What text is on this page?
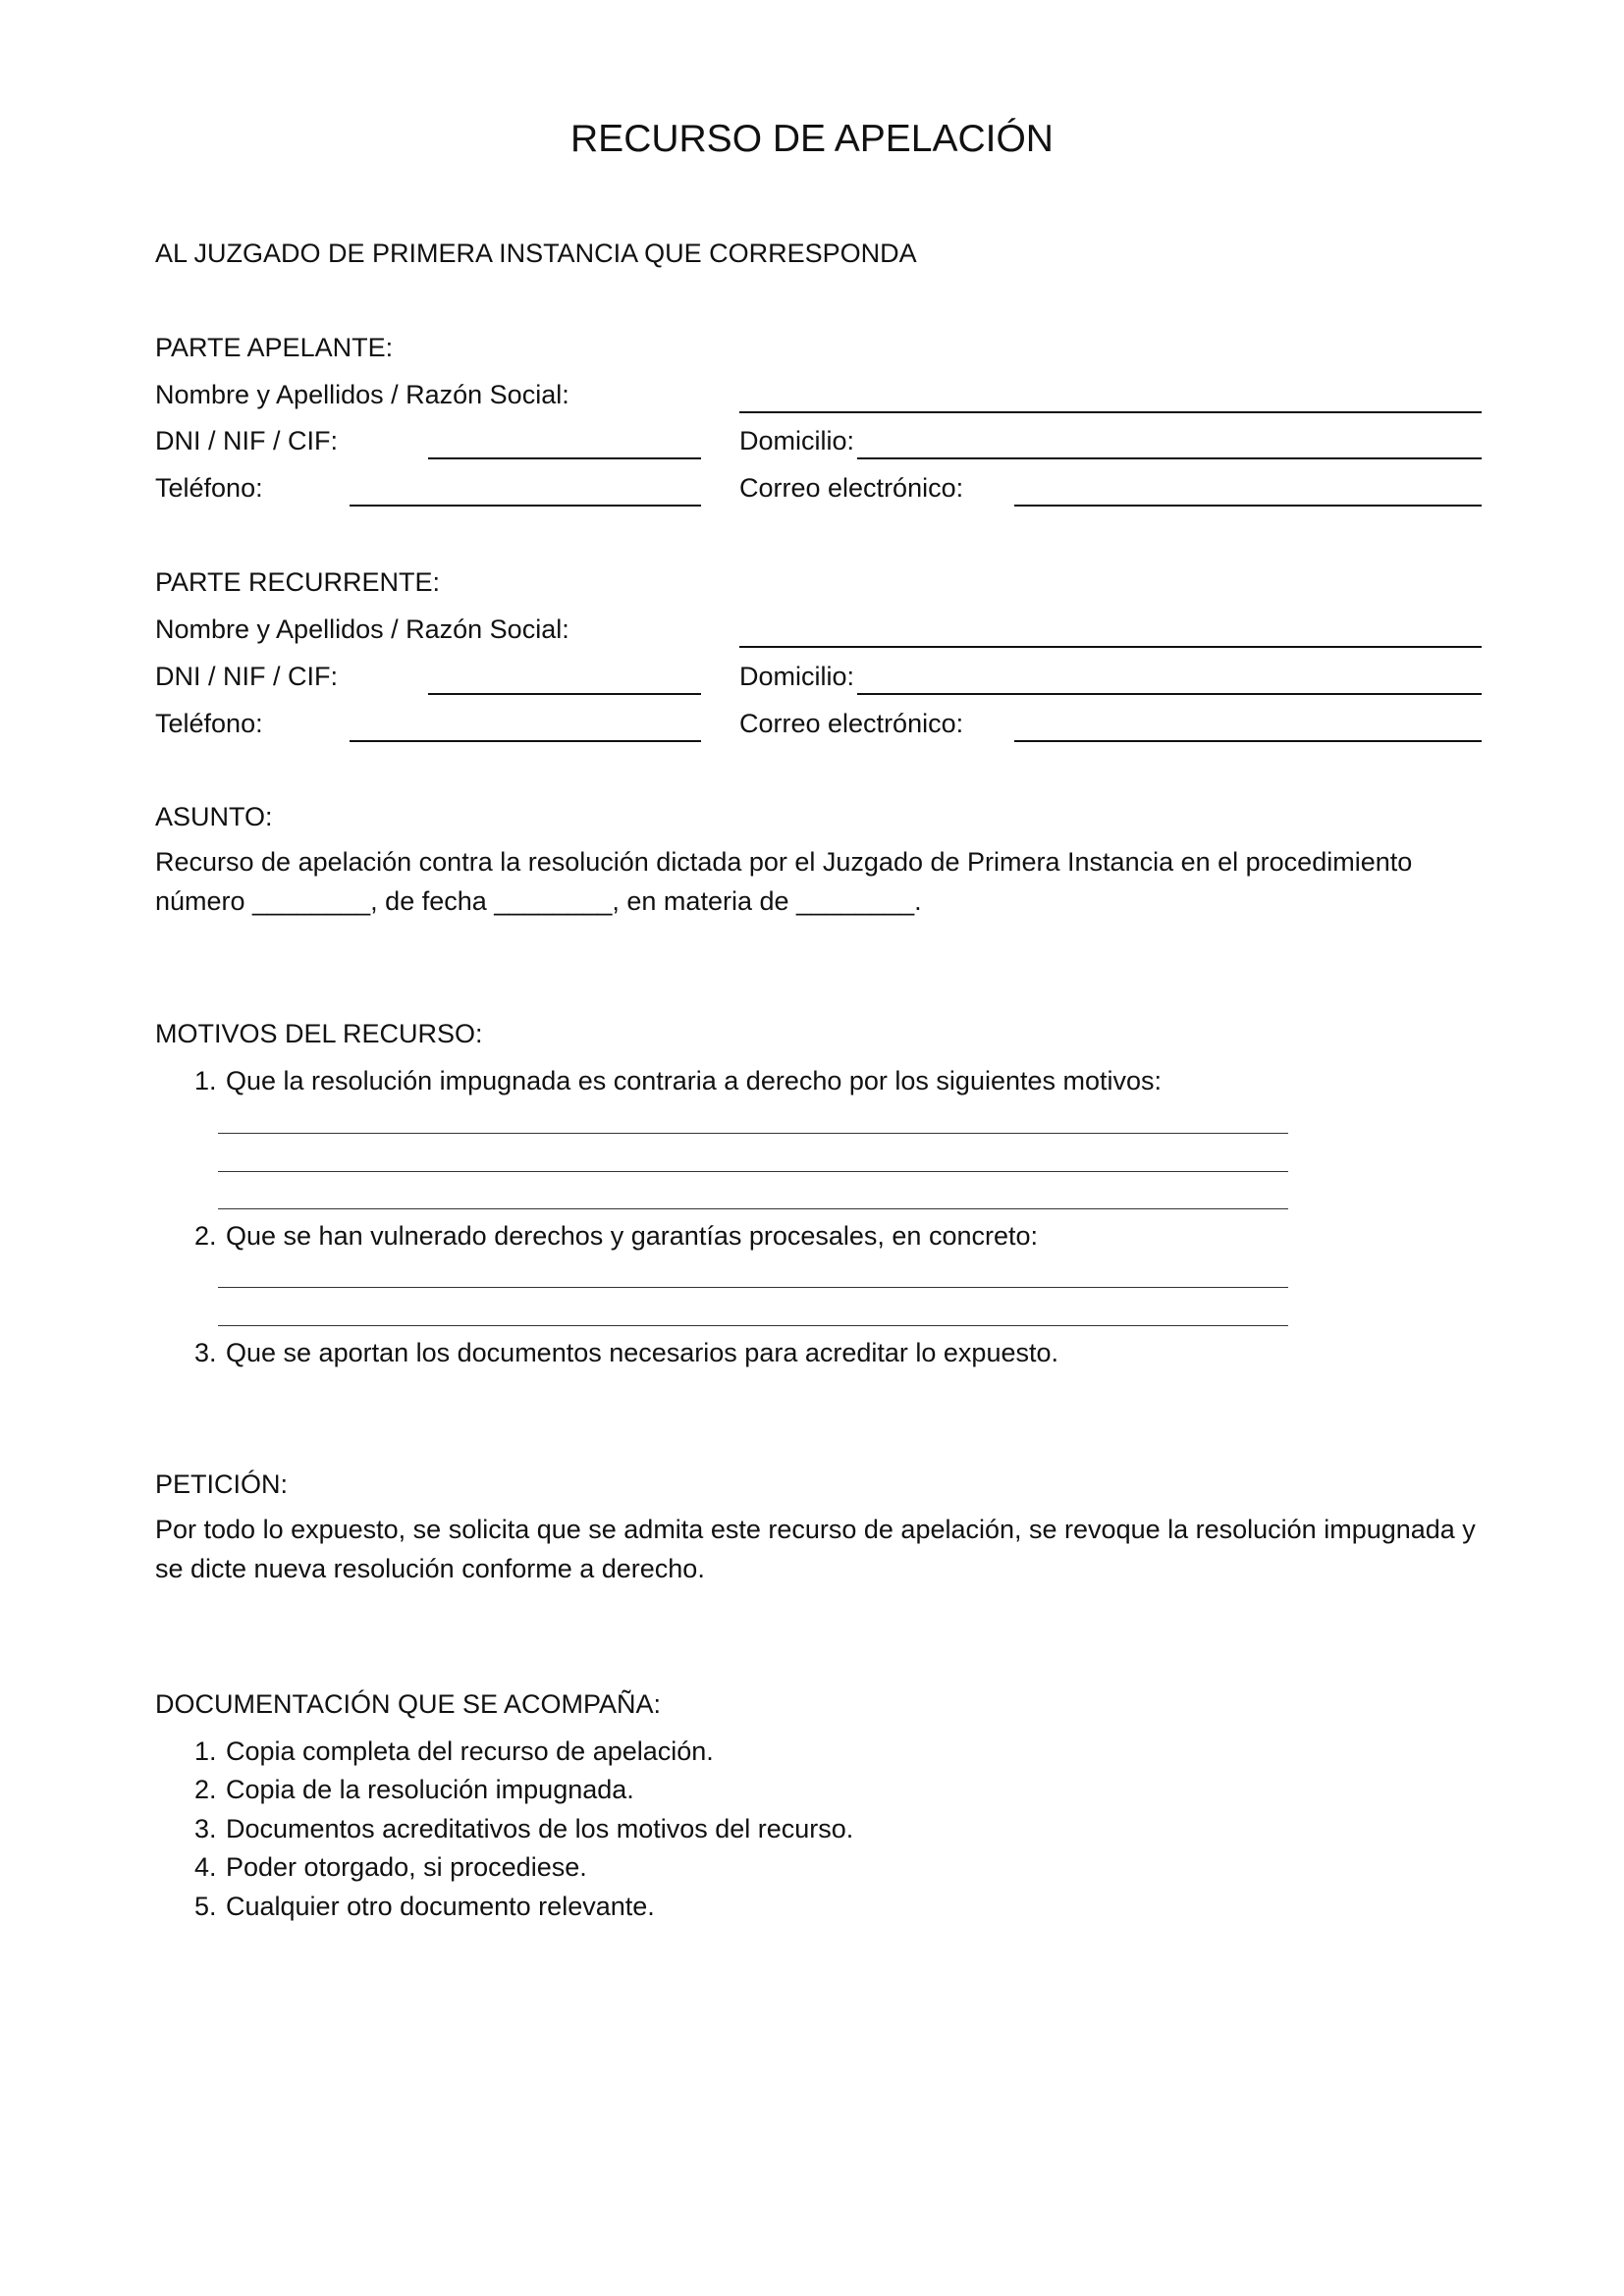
RECURSO DE APELACIÓN
AL JUZGADO DE PRIMERA INSTANCIA QUE CORRESPONDA
PARTE APELANTE:
Nombre y Apellidos / Razón Social:
DNI / NIF / CIF:	Domicilio:
Teléfono:	Correo electrónico:
PARTE RECURRENTE:
Nombre y Apellidos / Razón Social:
DNI / NIF / CIF:	Domicilio:
Teléfono:	Correo electrónico:
ASUNTO:
Recurso de apelación contra la resolución dictada por el Juzgado de Primera Instancia en el procedimiento número ________, de fecha ________, en materia de ________.
MOTIVOS DEL RECURSO:
1. Que la resolución impugnada es contraria a derecho por los siguientes motivos:
2. Que se han vulnerado derechos y garantías procesales, en concreto:
3. Que se aportan los documentos necesarios para acreditar lo expuesto.
PETICIÓN:
Por todo lo expuesto, se solicita que se admita este recurso de apelación, se revoque la resolución impugnada y se dicte nueva resolución conforme a derecho.
DOCUMENTACIÓN QUE SE ACOMPAÑA:
1. Copia completa del recurso de apelación.
2. Copia de la resolución impugnada.
3. Documentos acreditativos de los motivos del recurso.
4. Poder otorgado, si procediese.
5. Cualquier otro documento relevante.
